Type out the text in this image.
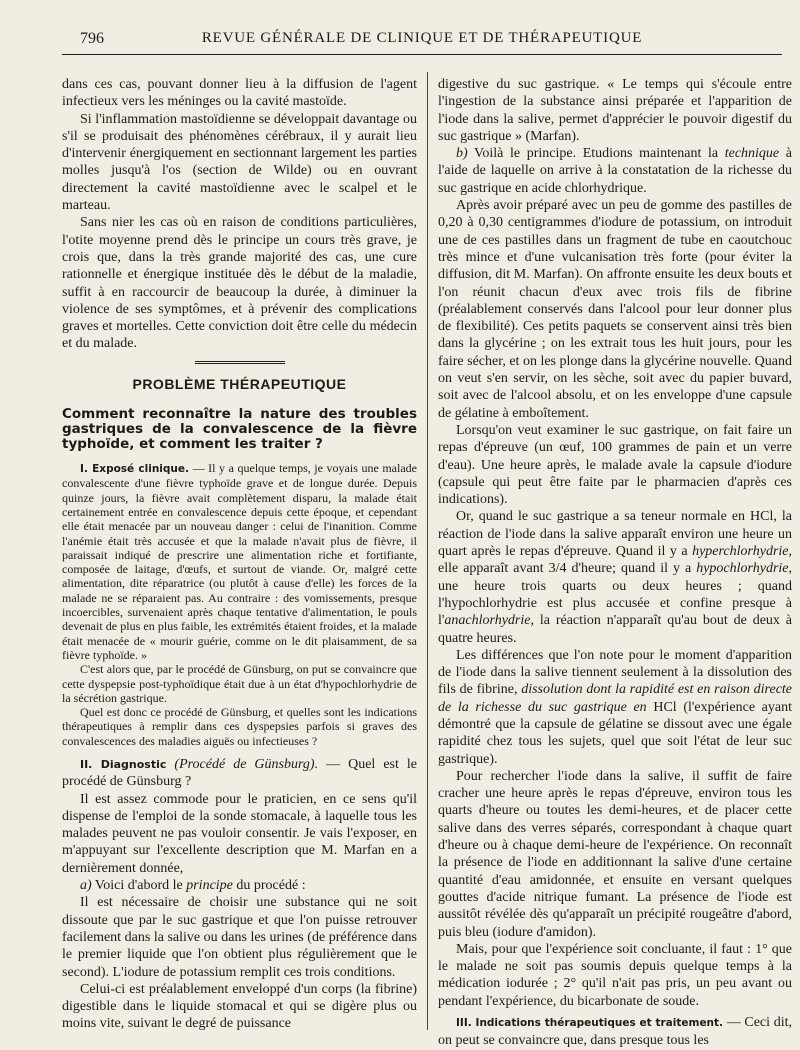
796	REVUE GÉNÉRALE DE CLINIQUE ET DE THÉRAPEUTIQUE

dans ces cas, pouvant donner lieu à la diffusion de l'agent infectieux vers les méninges ou la cavité mastoïde.

Si l'inflammation mastoïdienne se développait davantage ou s'il se produisait des phénomènes cérébraux, il y aurait lieu d'intervenir énergiquement en sectionnant largement les parties molles jusqu'à l'os (section de Wilde) ou en ouvrant directement la cavité mastoïdienne avec le scalpel et le marteau.

Sans nier les cas où en raison de conditions particulières, l'otite moyenne prend dès le principe un cours très grave, je crois que, dans la très grande majorité des cas, une cure rationnelle et énergique instituée dès le début de la maladie, suffit à en raccourcir de beaucoup la durée, à diminuer la violence de ses symptômes, et à prévenir des complications graves et mortelles. Cette conviction doit être celle du médecin et du malade.

PROBLÈME THÉRAPEUTIQUE
Comment reconnaître la nature des troubles gastriques de la convalescence de la fièvre typhoïde, et comment les traiter ?

I. Exposé clinique. — Il y a quelque temps, je voyais une malade convalescente d'une fièvre typhoïde grave et de longue durée. Depuis quinze jours, la fièvre avait complètement disparu, la malade était certainement entrée en convalescence depuis cette époque, et cependant elle était menacée par un nouveau danger : celui de l'inanition. Comme l'anémie était très accusée et que la malade n'avait plus de fièvre, il paraissait indiqué de prescrire une alimentation riche et fortifiante, composée de laitage, d'œufs, et surtout de viande. Or, malgré cette alimentation, dite réparatrice (ou plutôt à cause d'elle) les forces de la malade ne se réparaient pas. Au contraire : des vomissements, presque incoercibles, survenaient après chaque tentative d'alimentation, le pouls devenait de plus en plus faible, les extrémités étaient froides, et la malade était menacée de « mourir guérie, comme on le dit plaisamment, de sa fièvre typhoïde. »

C'est alors que, par le procédé de Günsburg, on put se convaincre que cette dyspepsie post-typhoïdique était due à un état d'hypochlorhydrie de la sécrétion gastrique.

Quel est donc ce procédé de Günsburg, et quelles sont les indications thérapeutiques à remplir dans ces dyspepsies parfois si graves des convalescences des maladies aiguës ou infectieuses ?

II. Diagnostic (Procédé de Günsburg). — Quel est le procédé de Günsburg ?

Il est assez commode pour le praticien, en ce sens qu'il dispense de l'emploi de la sonde stomacale, à laquelle tous les malades peuvent ne pas vouloir consentir. Je vais l'exposer, en m'appuyant sur l'excellente description que M. Marfan en a dernièrement donnée,

a) Voici d'abord le principe du procédé :

Il est nécessaire de choisir une substance qui ne soit dissoute que par le suc gastrique et que l'on puisse retrouver facilement dans la salive ou dans les urines (de préférence dans le premier liquide que l'on obtient plus régulièrement que le second). L'iodure de potassium remplit ces trois conditions.

Celui-ci est préalablement enveloppé d'un corps (la fibrine) digestible dans le liquide stomacal et qui se digère plus ou moins vite, suivant le degré de puissance

digestive du suc gastrique. « Le temps qui s'écoule entre l'ingestion de la substance ainsi préparée et l'apparition de l'iode dans la salive, permet d'apprécier le pouvoir digestif du suc gastrique » (Marfan).

b) Voilà le principe. Etudions maintenant la technique à l'aide de laquelle on arrive à la constatation de la richesse du suc gastrique en acide chlorhydrique.

Après avoir préparé avec un peu de gomme des pastilles de 0,20 à 0,30 centigrammes d'iodure de potassium, on introduit une de ces pastilles dans un fragment de tube en caoutchouc très mince et d'une vulcanisation très forte (pour éviter la diffusion, dit M. Marfan). On affronte ensuite les deux bouts et l'on réunit chacun d'eux avec trois fils de fibrine (préalablement conservés dans l'alcool pour leur donner plus de flexibilité). Ces petits paquets se conservent ainsi très bien dans la glycérine ; on les extrait tous les huit jours, pour les faire sécher, et on les plonge dans la glycérine nouvelle. Quand on veut s'en servir, on les sèche, soit avec du papier buvard, soit avec de l'alcool absolu, et on les enveloppe d'une capsule de gélatine à emboîtement.

Lorsqu'on veut examiner le suc gastrique, on fait faire un repas d'épreuve (un œuf, 100 grammes de pain et un verre d'eau). Une heure après, le malade avale la capsule d'iodure (capsule qui peut être faite par le pharmacien d'après ces indications).

Or, quand le suc gastrique a sa teneur normale en HCl, la réaction de l'iode dans la salive apparaît environ une heure un quart après le repas d'épreuve. Quand il y a hyperchlorhydrie, elle apparaît avant 3/4 d'heure; quand il y a hypochlorhydrie, une heure trois quarts ou deux heures ; quand l'hypochlorhydrie est plus accusée et confine presque à l'anachlorhydrie, la réaction n'apparaît qu'au bout de deux à quatre heures.

Les différences que l'on note pour le moment d'apparition de l'iode dans la salive tiennent seulement à la dissolution des fils de fibrine, dissolution dont la rapidité est en raison directe de la richesse du suc gastrique en HCl (l'expérience ayant démontré que la capsule de gélatine se dissout avec une égale rapidité chez tous les sujets, quel que soit l'état de leur suc gastrique).

Pour rechercher l'iode dans la salive, il suffit de faire cracher une heure après le repas d'épreuve, environ tous les quarts d'heure ou toutes les demi-heures, et de placer cette salive dans des verres séparés, correspondant à chaque quart d'heure ou à chaque demi-heure de l'expérience. On reconnaît la présence de l'iode en additionnant la salive d'une certaine quantité d'eau amidonnée, et ensuite en versant quelques gouttes d'acide nitrique fumant. La présence de l'iode est aussitôt révélée dès qu'apparaît un précipité rougeâtre d'abord, puis bleu (iodure d'amidon).

Mais, pour que l'expérience soit concluante, il faut : 1° que le malade ne soit pas soumis depuis quelque temps à la médication iodurée ; 2° qu'il n'ait pas pris, un peu avant ou pendant l'expérience, du bicarbonate de soude.

III. Indications thérapeutiques et traitement. — Ceci dit, on peut se convaincre que, dans presque tous les
